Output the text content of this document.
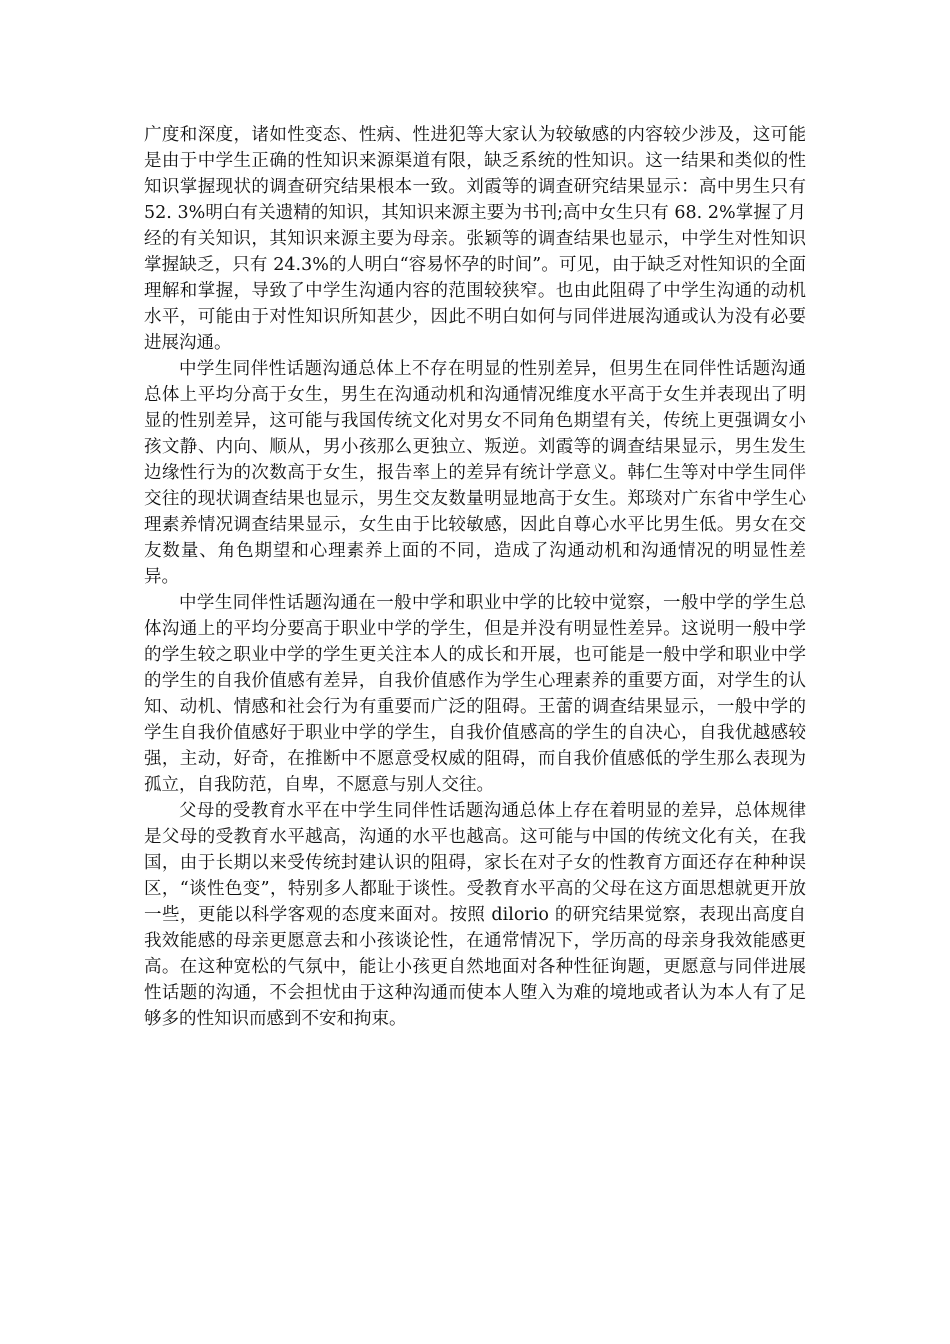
广度和深度，诸如性变态、性病、性进犯等大家认为较敏感的内容较少涉及，这可能是由于中学生正确的性知识来源渠道有限，缺乏系统的性知识。这一结果和类似的性知识掌握现状的调查研究结果根本一致。刘霞等的调查研究结果显示：高中男生只有 52. 3%明白有关遗精的知识，其知识来源主要为书刊;高中女生只有 68. 2%掌握了月经的有关知识，其知识来源主要为母亲。张颖等的调查结果也显示，中学生对性知识掌握缺乏，只有 24.3%的人明白“容易怀孕的时间”。可见，由于缺乏对性知识的全面理解和掌握，导致了中学生沟通内容的范围较狭窄。也由此阻碍了中学生沟通的动机水平，可能由于对性知识所知甚少，因此不明白如何与同伴进展沟通或认为没有必要进展沟通。

中学生同伴性话题沟通总体上不存在明显的性别差异，但男生在同伴性话题沟通总体上平均分高于女生，男生在沟通动机和沟通情况维度水平高于女生并表现出了明显的性别差异，这可能与我国传统文化对男女不同角色期望有关，传统上更强调女小孩文静、内向、顺从，男小孩那么更独立、叛逆。刘霞等的调查结果显示，男生发生边缘性行为的次数高于女生，报告率上的差异有统计学意义。韩仁生等对中学生同伴交往的现状调查结果也显示，男生交友数量明显地高于女生。郑琰对广东省中学生心理素养情况调查结果显示，女生由于比较敏感，因此自尊心水平比男生低。男女在交友数量、角色期望和心理素养上面的不同，造成了沟通动机和沟通情况的明显性差异。

中学生同伴性话题沟通在一般中学和职业中学的比较中觉察，一般中学的学生总体沟通上的平均分要高于职业中学的学生，但是并没有明显性差异。这说明一般中学的学生较之职业中学的学生更关注本人的成长和开展，也可能是一般中学和职业中学的学生的自我价值感有差异，自我价值感作为学生心理素养的重要方面，对学生的认知、动机、情感和社会行为有重要而广泛的阻碍。王蕾的调查结果显示，一般中学的学生自我价值感好于职业中学的学生，自我价值感高的学生的自决心，自我优越感较强，主动，好奇，在推断中不愿意受权威的阻碍，而自我价值感低的学生那么表现为孤立，自我防范，自卑，不愿意与别人交往。

父母的受教育水平在中学生同伴性话题沟通总体上存在着明显的差异，总体规律是父母的受教育水平越高，沟通的水平也越高。这可能与中国的传统文化有关，在我国，由于长期以来受传统封建认识的阻碍，家长在对子女的性教育方面还存在种种误区，“谈性色变”，特别多人都耻于谈性。受教育水平高的父母在这方面思想就更开放一些，更能以科学客观的态度来面对。按照 dilorio 的研究结果觉察，表现出高度自我效能感的母亲更愿意去和小孩谈论性，在通常情况下，学历高的母亲身我效能感更高。在这种宽松的气氛中，能让小孩更自然地面对各种性征询题，更愿意与同伴进展性话题的沟通，不会担忧由于这种沟通而使本人堕入为难的境地或者认为本人有了足够多的性知识而感到不安和拘束。
